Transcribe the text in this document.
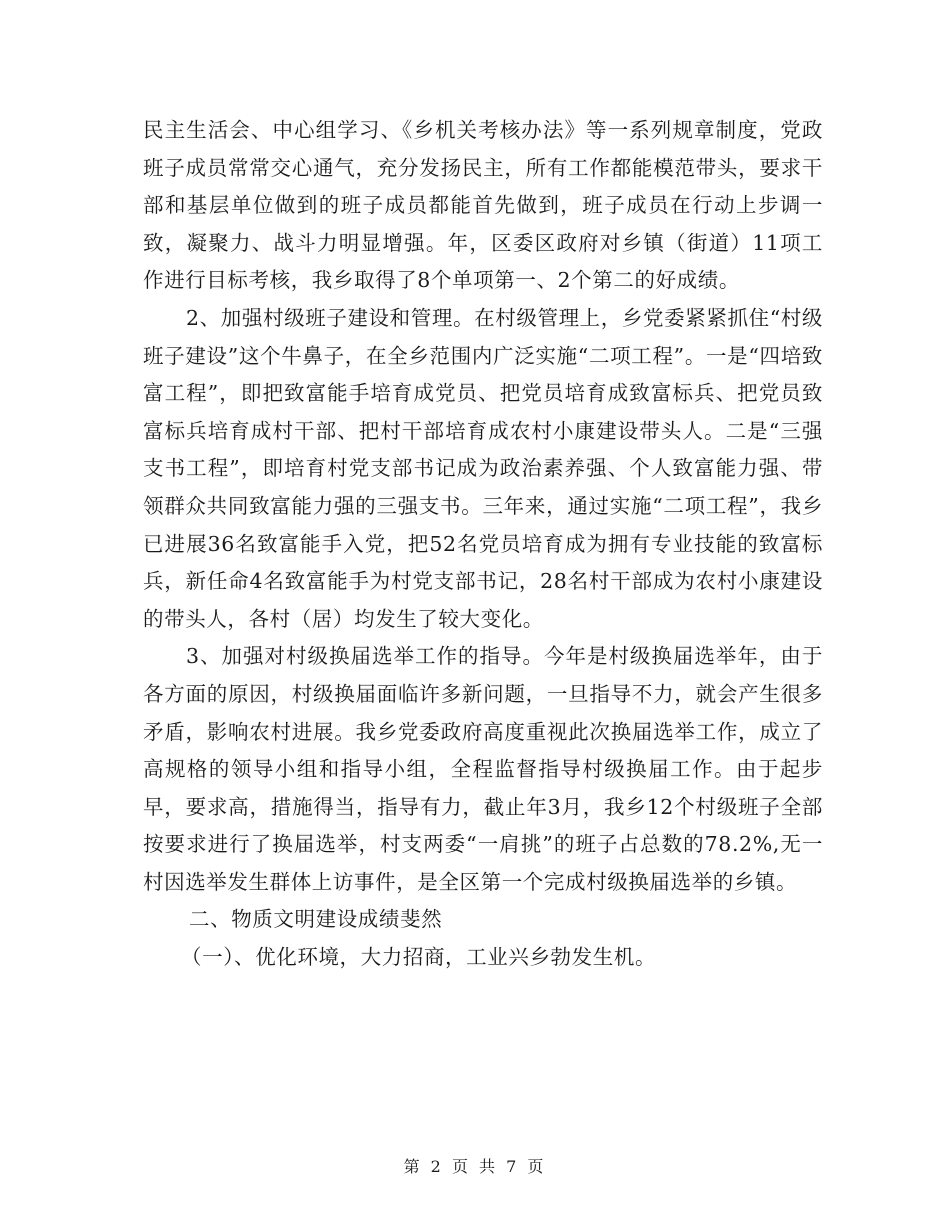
民主生活会、中心组学习、《乡机关考核办法》等一系列规章制度，党政班子成员常常交心通气，充分发扬民主，所有工作都能模范带头，要求干部和基层单位做到的班子成员都能首先做到，班子成员在行动上步调一致，凝聚力、战斗力明显增强。年，区委区政府对乡镇（街道）11项工作进行目标考核，我乡取得了8个单项第一、2个第二的好成绩。

2、加强村级班子建设和管理。在村级管理上，乡党委紧紧抓住“村级班子建设”这个牛鼻子，在全乡范围内广泛实施“二项工程”。一是“四培致富工程”，即把致富能手培育成党员、把党员培育成致富标兵、把党员致富标兵培育成村干部、把村干部培育成农村小康建设带头人。二是“三强支书工程”，即培育村党支部书记成为政治素养强、个人致富能力强、带领群众共同致富能力强的三强支书。三年来，通过实施“二项工程”，我乡已进展36名致富能手入党，把52名党员培育成为拥有专业技能的致富标兵，新任命4名致富能手为村党支部书记，28名村干部成为农村小康建设的带头人，各村（居）均发生了较大变化。

3、加强对村级换届选举工作的指导。今年是村级换届选举年，由于各方面的原因，村级换届面临许多新问题，一旦指导不力，就会产生很多矛盾，影响农村进展。我乡党委政府高度重视此次换届选举工作，成立了高规格的领导小组和指导小组，全程监督指导村级换届工作。由于起步早，要求高，措施得当，指导有力，截止年3月，我乡12个村级班子全部按要求进行了换届选举，村支两委“一肩挑”的班子占总数的78.2%,无一村因选举发生群体上访事件，是全区第一个完成村级换届选举的乡镇。

二、物质文明建设成绩斐然

（一）、优化环境，大力招商，工业兴乡勃发生机。

第 2 页 共 7 页
